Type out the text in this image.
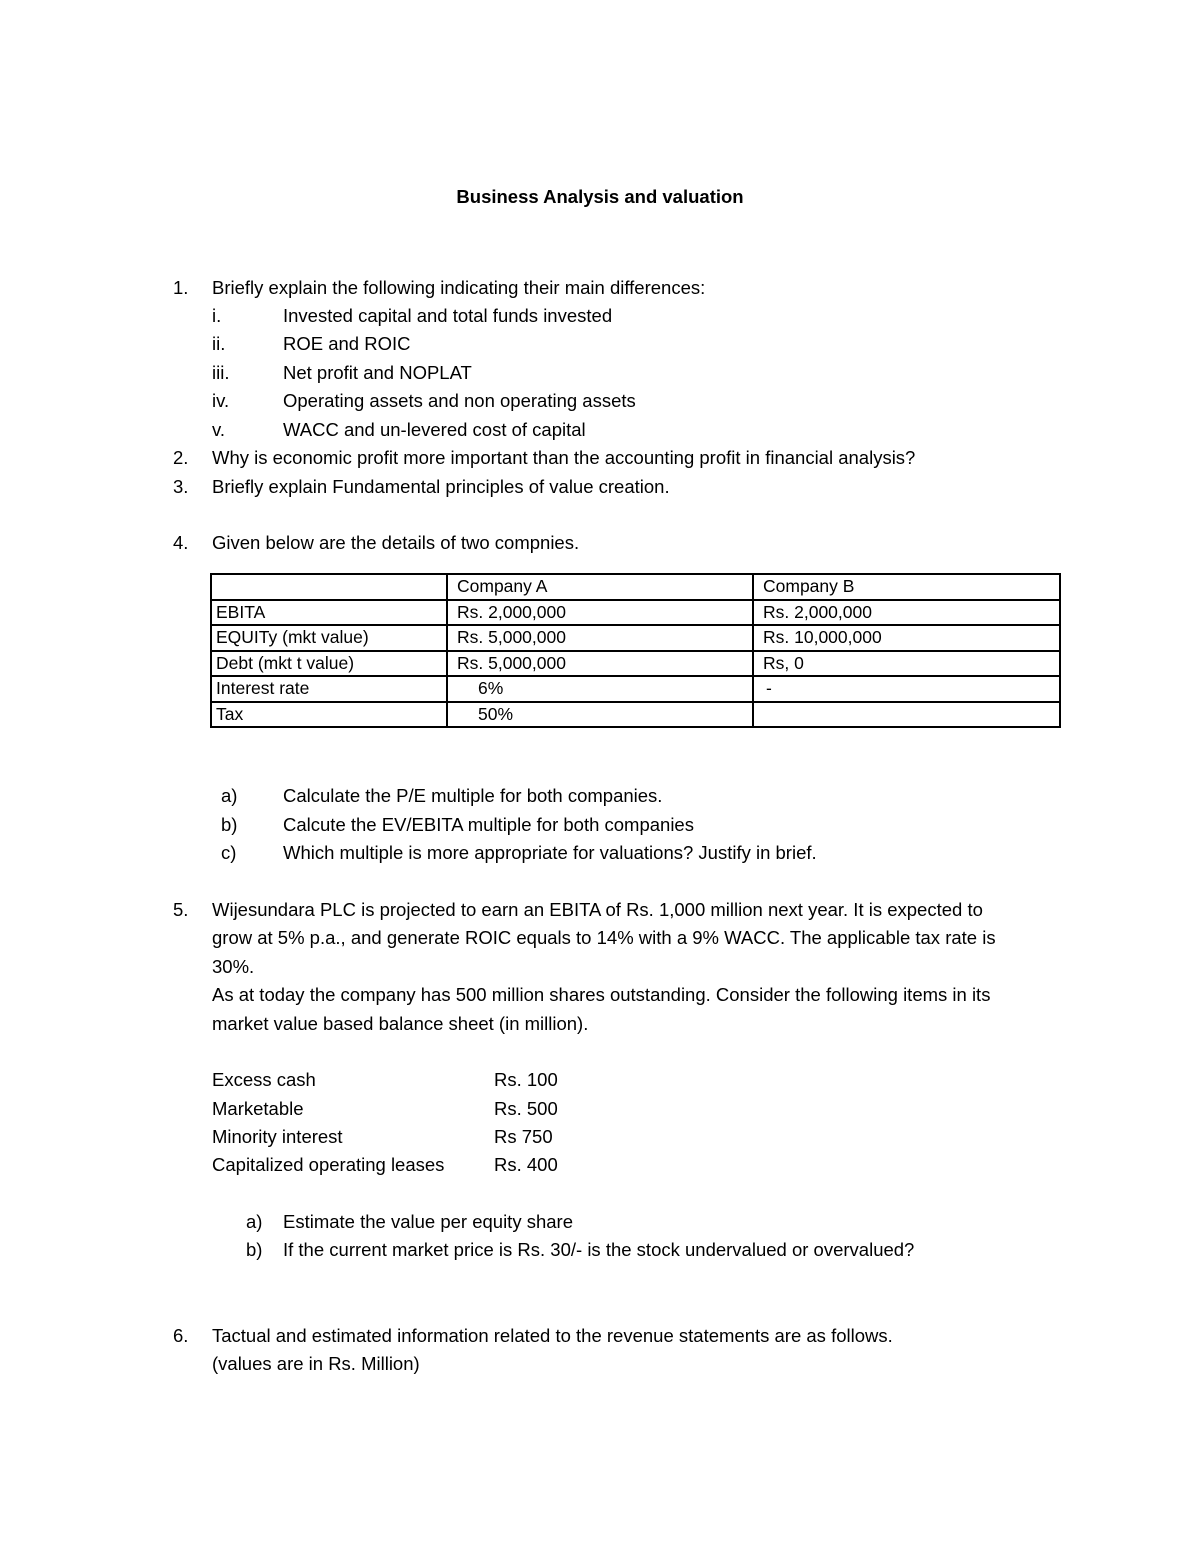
Business Analysis and valuation
1. Briefly explain the following indicating their main differences:
i.	Invested capital and total funds invested
ii.	ROE and ROIC
iii.	Net profit and NOPLAT
iv.	Operating assets and non operating assets
v.	WACC and un-levered cost of capital
2. Why is economic profit more important than the accounting profit in financial analysis?
3. Briefly explain Fundamental principles of value creation.
4. Given below are the details of two compnies.
	Company A	Company B
EBITA	Rs. 2,000,000	Rs. 2,000,000
EQUITy (mkt value)	Rs. 5,000,000	Rs. 10,000,000
Debt (mkt t value)	Rs. 5,000,000	Rs, 0
Interest rate	6%	-
Tax	50%	
a) Calculate the P/E multiple for both companies.
b) Calcute the EV/EBITA multiple for both companies
c)	Which multiple is more appropriate for valuations? Justify in brief.
5. Wijesundara PLC is projected to earn an EBITA of Rs. 1,000 million next year. It is expected to
grow at 5% p.a., and generate ROIC equals to 14% with a 9% WACC. The applicable tax rate is
30%.
As at today the company has 500 million shares outstanding. Consider the following items in its
market value based balance sheet (in million).
Excess cash	Rs. 100
Marketable	Rs. 500
Minority interest	Rs 750
Capitalized operating leases	Rs. 400
a) Estimate the value per equity share
b) If the current market price is Rs. 30/- is the stock undervalued or overvalued?
6. Tactual and estimated information related to the revenue statements are as follows.
(values are in Rs. Million)
